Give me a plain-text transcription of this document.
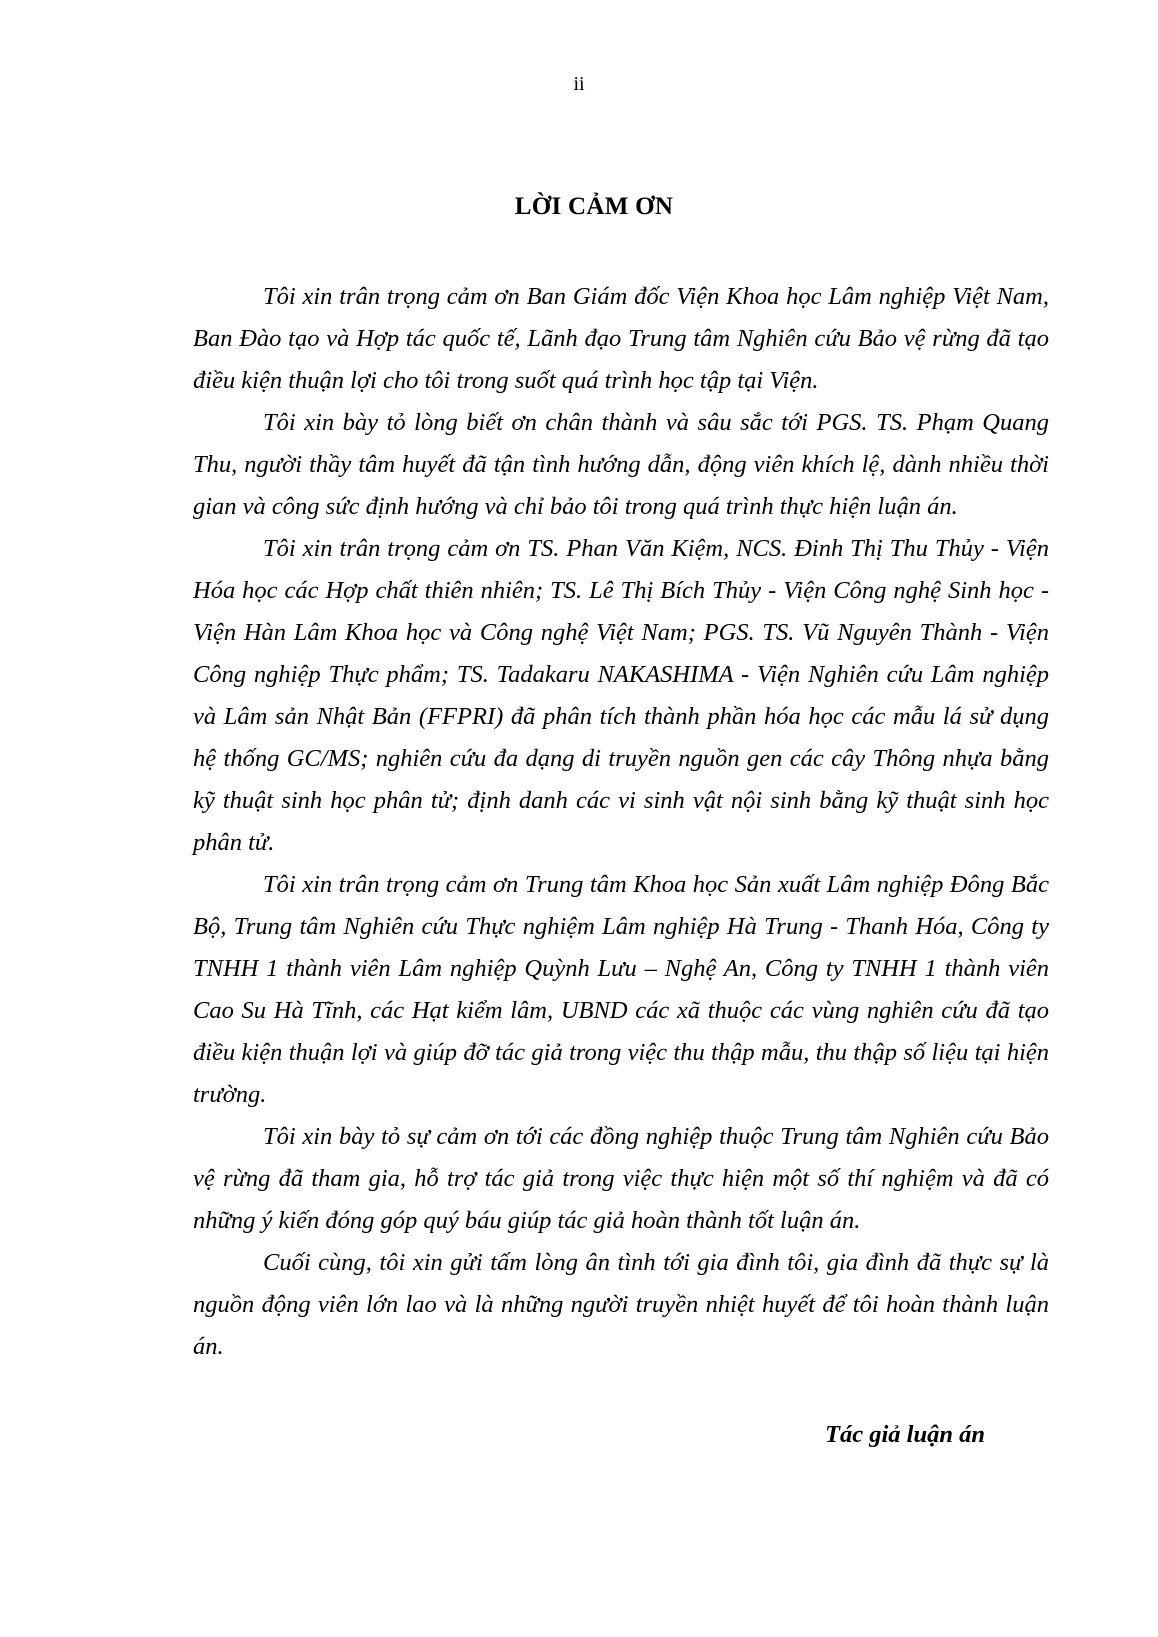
ii
LỜI CẢM ƠN

Tôi xin trân trọng cảm ơn Ban Giám đốc Viện Khoa học Lâm nghiệp Việt Nam, Ban Đào tạo và Hợp tác quốc tế, Lãnh đạo Trung tâm Nghiên cứu Bảo vệ rừng đã tạo điều kiện thuận lợi cho tôi trong suốt quá trình học tập tại Viện.

Tôi xin bày tỏ lòng biết ơn chân thành và sâu sắc tới PGS. TS. Phạm Quang Thu, người thầy tâm huyết đã tận tình hướng dẫn, động viên khích lệ, dành nhiều thời gian và công sức định hướng và chỉ bảo tôi trong quá trình thực hiện luận án.

Tôi xin trân trọng cảm ơn TS. Phan Văn Kiệm, NCS. Đinh Thị Thu Thủy - Viện Hóa học các Hợp chất thiên nhiên; TS. Lê Thị Bích Thủy - Viện Công nghệ Sinh học - Viện Hàn Lâm Khoa học và Công nghệ Việt Nam; PGS. TS. Vũ Nguyên Thành - Viện Công nghiệp Thực phẩm; TS. Tadakaru NAKASHIMA - Viện Nghiên cứu Lâm nghiệp và Lâm sản Nhật Bản (FFPRI) đã phân tích thành phần hóa học các mẫu lá sử dụng hệ thống GC/MS; nghiên cứu đa dạng di truyền nguồn gen các cây Thông nhựa bằng kỹ thuật sinh học phân tử; định danh các vi sinh vật nội sinh bằng kỹ thuật sinh học phân tử.

Tôi xin trân trọng cảm ơn Trung tâm Khoa học Sản xuất Lâm nghiệp Đông Bắc Bộ, Trung tâm Nghiên cứu Thực nghiệm Lâm nghiệp Hà Trung - Thanh Hóa, Công ty TNHH 1 thành viên Lâm nghiệp Quỳnh Lưu – Nghệ An, Công ty TNHH 1 thành viên Cao Su Hà Tĩnh, các Hạt kiểm lâm, UBND các xã thuộc các vùng nghiên cứu đã tạo điều kiện thuận lợi và giúp đỡ tác giả trong việc thu thập mẫu, thu thập số liệu tại hiện trường.

Tôi xin bày tỏ sự cảm ơn tới các đồng nghiệp thuộc Trung tâm Nghiên cứu Bảo vệ rừng đã tham gia, hỗ trợ tác giả trong việc thực hiện một số thí nghiệm và đã có những ý kiến đóng góp quý báu giúp tác giả hoàn thành tốt luận án.

Cuối cùng, tôi xin gửi tấm lòng ân tình tới gia đình tôi, gia đình đã thực sự là nguồn động viên lớn lao và là những người truyền nhiệt huyết để tôi hoàn thành luận án.

Tác giả luận án
